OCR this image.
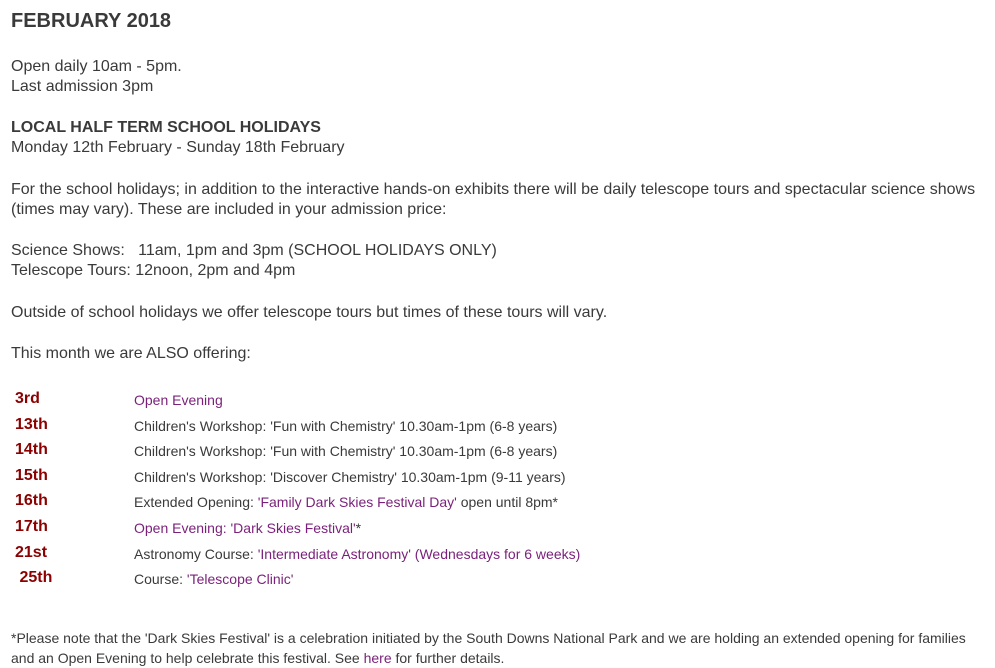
FEBRUARY 2018

Open daily 10am - 5pm.
Last admission 3pm

LOCAL HALF TERM SCHOOL HOLIDAYS
Monday 12th February - Sunday 18th February

For the school holidays; in addition to the interactive hands-on exhibits there will be daily telescope tours and spectacular science shows (times may vary). These are included in your admission price:

Science Shows:   11am, 1pm and 3pm (SCHOOL HOLIDAYS ONLY)
Telescope Tours: 12noon, 2pm and 4pm

Outside of school holidays we offer telescope tours but times of these tours will vary.

This month we are ALSO offering:

3rd	Open Evening
13th	Children's Workshop: 'Fun with Chemistry' 10.30am-1pm (6-8 years)
14th	Children's Workshop: 'Fun with Chemistry' 10.30am-1pm (6-8 years)
15th	Children's Workshop: 'Discover Chemistry' 10.30am-1pm (9-11 years)
16th	Extended Opening: 'Family Dark Skies Festival Day' open until 8pm*
17th	Open Evening: 'Dark Skies Festival'*
21st	Astronomy Course: 'Intermediate Astronomy' (Wednesdays for 6 weeks)
25th	Course: 'Telescope Clinic'

*Please note that the 'Dark Skies Festival' is a celebration initiated by the South Downs National Park and we are holding an extended opening for families and an Open Evening to help celebrate this festival. See here for further details.
